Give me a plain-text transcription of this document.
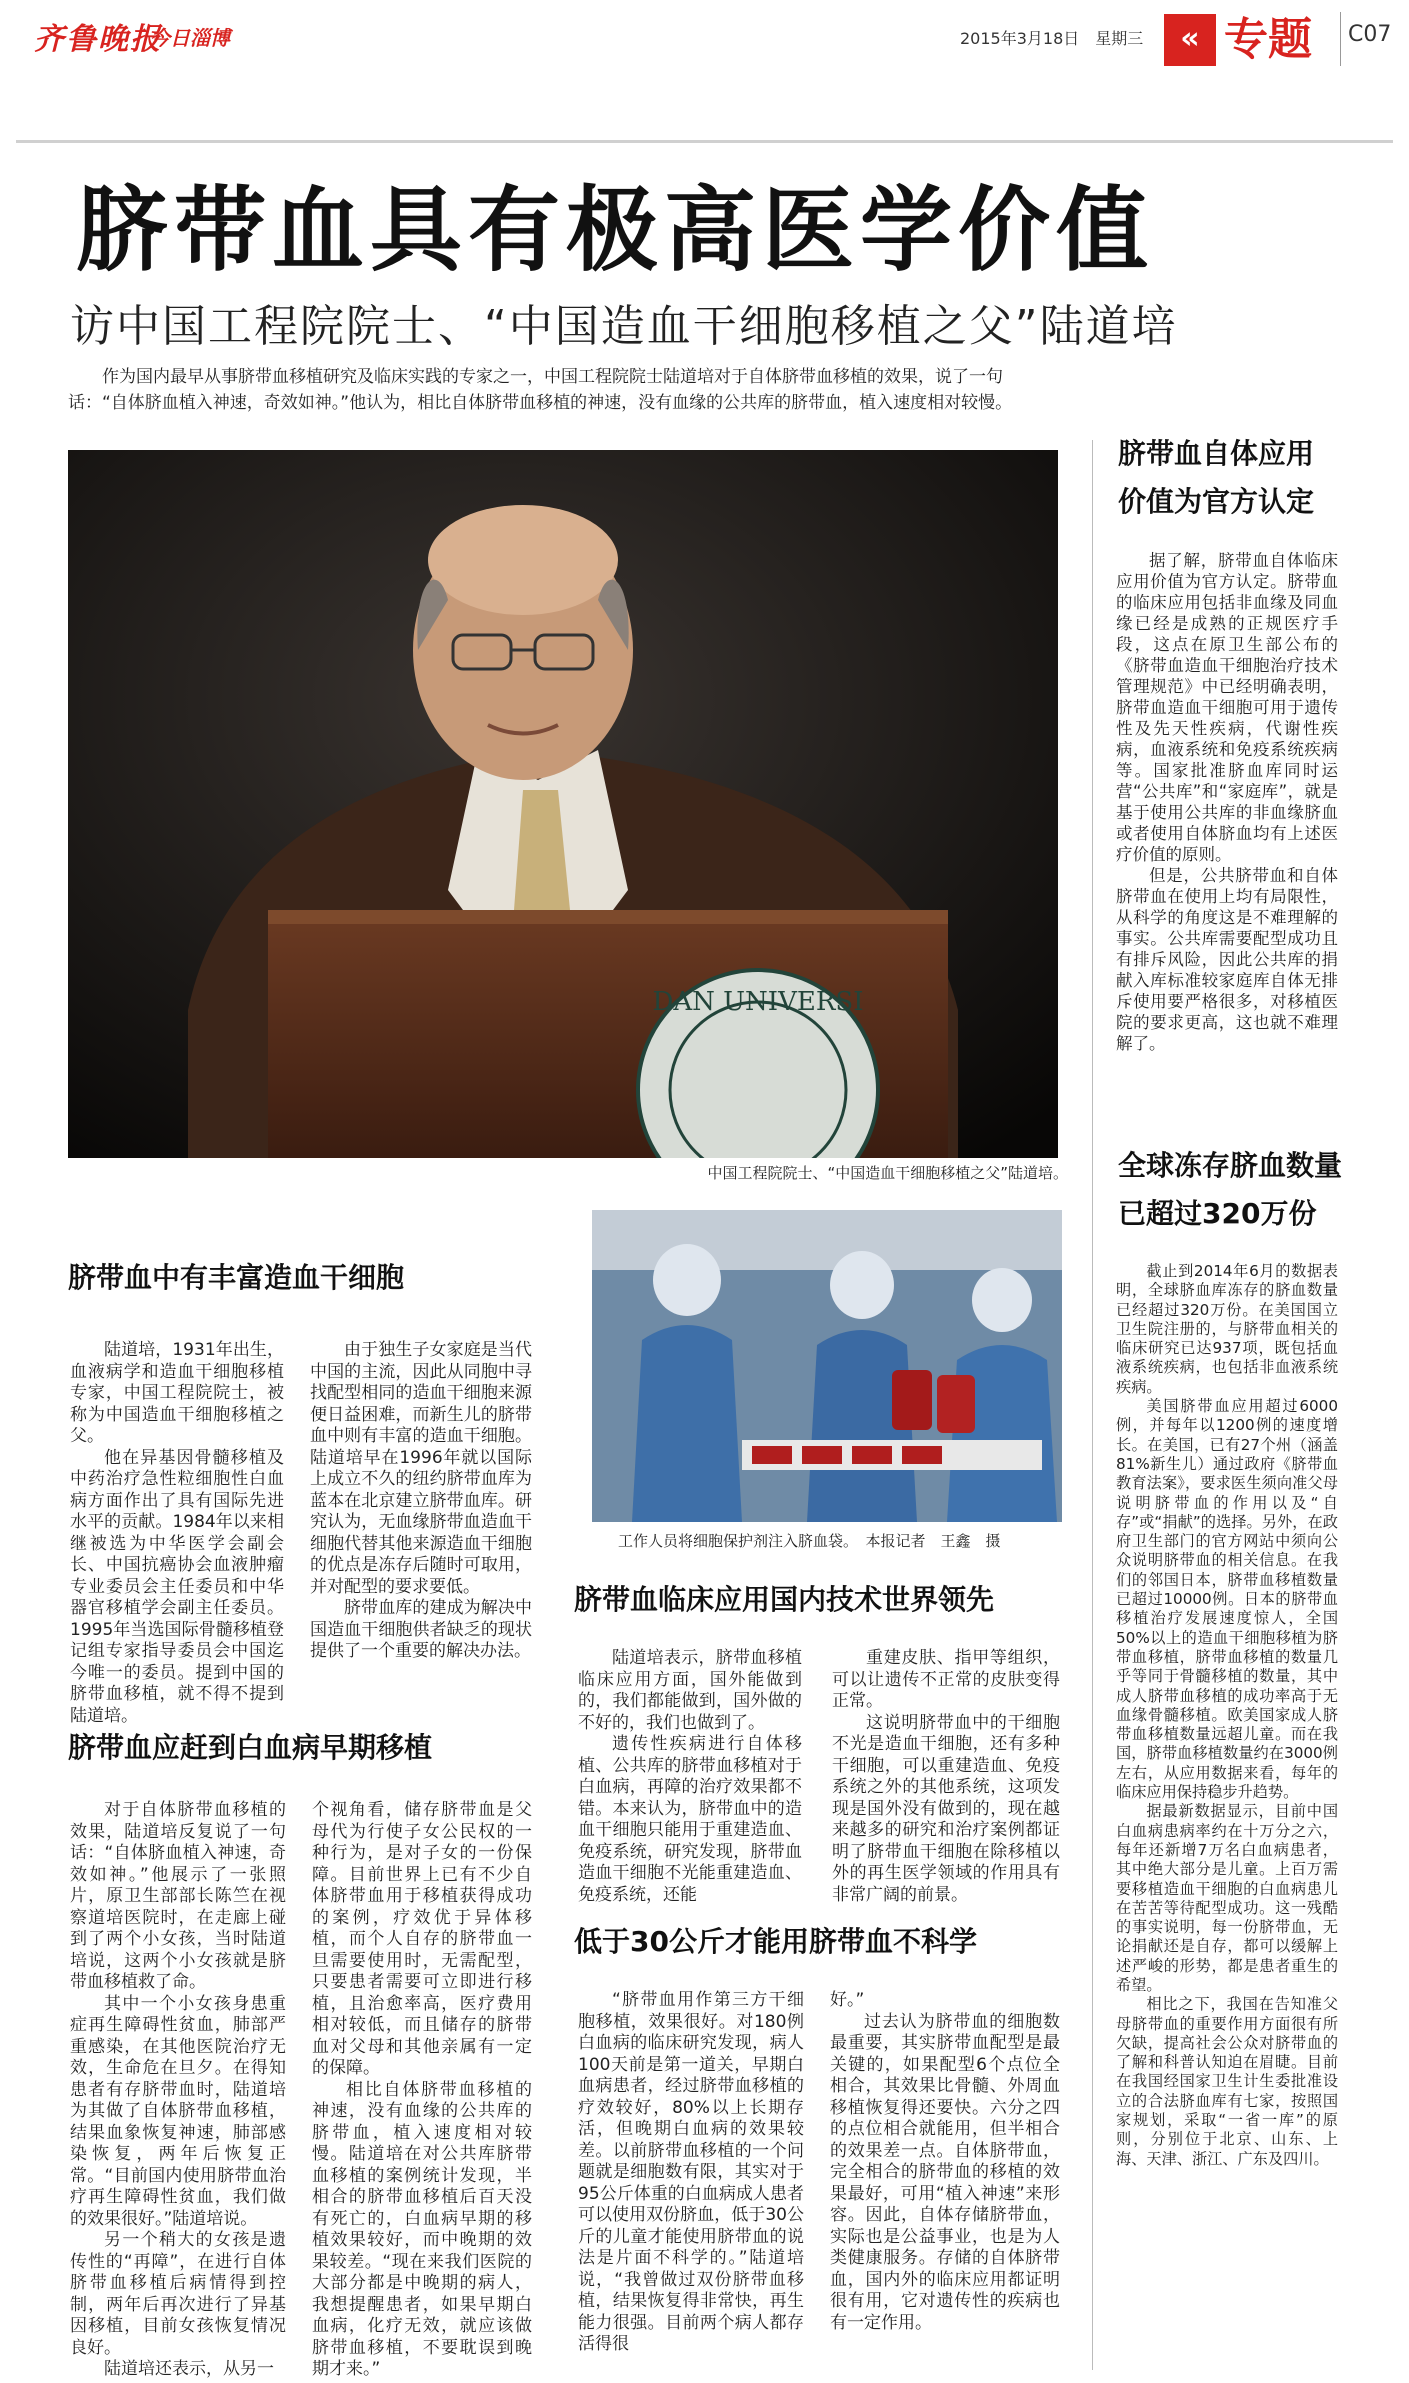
齐鲁晚报
今日淄博	2015年3月18日　星期三	« 专题 C07
脐带血具有极高医学价值
访中国工程院院士、“中国造血干细胞移植之父”陆道培
作为国内最早从事脐带血移植研究及临床实践的专家之一，中国工程院院士陆道培对于自体脐带血移植的效果，说了一句话：“自体脐血植入神速，奇效如神。”他认为，相比自体脐带血移植的神速，没有血缘的公共库的脐带血，植入速度相对较慢。
DAN UNIVERSI
中国工程院院士、“中国造血干细胞移植之父”陆道培。
脐带血中有丰富造血干细胞

陆道培，1931年出生，血液病学和造血干细胞移植专家，中国工程院院士，被称为中国造血干细胞移植之父。

他在异基因骨髓移植及中药治疗急性粒细胞性白血病方面作出了具有国际先进水平的贡献。1984年以来相继被选为中华医学会副会长、中国抗癌协会血液肿瘤专业委员会主任委员和中华器官移植学会副主任委员。1995年当选国际骨髓移植登记组专家指导委员会中国迄今唯一的委员。提到中国的脐带血移植，就不得不提到陆道培。

由于独生子女家庭是当代中国的主流，因此从同胞中寻找配型相同的造血干细胞来源便日益困难，而新生儿的脐带血中则有丰富的造血干细胞。陆道培早在1996年就以国际上成立不久的纽约脐带血库为蓝本在北京建立脐带血库。研究认为，无血缘脐带血造血干细胞代替其他来源造血干细胞的优点是冻存后随时可取用，并对配型的要求要低。

脐带血库的建成为解决中国造血干细胞供者缺乏的现状提供了一个重要的解决办法。

工作人员将细胞保护剂注入脐血袋。　本报记者　王鑫　摄
脐带血临床应用国内技术世界领先

陆道培表示，脐带血移植临床应用方面，国外能做到的，我们都能做到，国外做的不好的，我们也做到了。

遗传性疾病进行自体移植、公共库的脐带血移植对于白血病，再障的治疗效果都不错。本来认为，脐带血中的造血干细胞只能用于重建造血、免疫系统，研究发现，脐带血造血干细胞不光能重建造血、免疫系统，还能

重建皮肤、指甲等组织，可以让遗传不正常的皮肤变得正常。

这说明脐带血中的干细胞不光是造血干细胞，还有多种干细胞，可以重建造血、免疫系统之外的其他系统，这项发现是国外没有做到的，现在越来越多的研究和治疗案例都证明了脐带血干细胞在除移植以外的再生医学领域的作用具有非常广阔的前景。

脐带血应赶到白血病早期移植

对于自体脐带血移植的效果，陆道培反复说了一句话：“自体脐血植入神速，奇效如神。”他展示了一张照片，原卫生部部长陈竺在视察道培医院时，在走廊上碰到了两个小女孩，当时陆道培说，这两个小女孩就是脐带血移植救了命。

其中一个小女孩身患重症再生障碍性贫血，肺部严重感染，在其他医院治疗无效，生命危在旦夕。在得知患者有存脐带血时，陆道培为其做了自体脐带血移植，结果血象恢复神速，肺部感染恢复，两年后恢复正常。“目前国内使用脐带血治疗再生障碍性贫血，我们做的效果很好。”陆道培说。

另一个稍大的女孩是遗传性的“再障”，在进行自体脐带血移植后病情得到控制，两年后再次进行了异基因移植，目前女孩恢复情况良好。

陆道培还表示，从另一

个视角看，储存脐带血是父母代为行使子女公民权的一种行为，是对子女的一份保障。目前世界上已有不少自体脐带血用于移植获得成功的案例，疗效优于异体移植，而个人自存的脐带血一旦需要使用时，无需配型，只要患者需要可立即进行移植，且治愈率高，医疗费用相对较低，而且储存的脐带血对父母和其他亲属有一定的保障。

相比自体脐带血移植的神速，没有血缘的公共库的脐带血，植入速度相对较慢。陆道培在对公共库脐带血移植的案例统计发现，半相合的脐带血移植后百天没有死亡的，白血病早期的移植效果较好，而中晚期的效果较差。“现在来我们医院的大部分都是中晚期的病人，我想提醒患者，如果早期白血病，化疗无效，就应该做脐带血移植，不要耽误到晚期才来。”

低于30公斤才能用脐带血不科学

“脐带血用作第三方干细胞移植，效果很好。对180例白血病的临床研究发现，病人100天前是第一道关，早期白血病患者，经过脐带血移植的疗效较好，80%以上长期存活，但晚期白血病的效果较差。以前脐带血移植的一个问题就是细胞数有限，其实对于95公斤体重的白血病成人患者可以使用双份脐血，低于30公斤的儿童才能使用脐带血的说法是片面不科学的。”陆道培说，“我曾做过双份脐带血移植，结果恢复得非常快，再生能力很强。目前两个病人都存活得很

好。”

过去认为脐带血的细胞数最重要，其实脐带血配型是最关键的，如果配型6个点位全相合，其效果比骨髓、外周血移植恢复得还要快。六分之四的点位相合就能用，但半相合的效果差一点。自体脐带血，完全相合的脐带血的移植的效果最好，可用“植入神速”来形容。因此，自体存储脐带血，实际也是公益事业，也是为人类健康服务。存储的自体脐带血，国内外的临床应用都证明很有用，它对遗传性的疾病也有一定作用。

脐带血自体应用
价值为官方认定

据了解，脐带血自体临床应用价值为官方认定。脐带血的临床应用包括非血缘及同血缘已经是成熟的正规医疗手段，这点在原卫生部公布的《脐带血造血干细胞治疗技术管理规范》中已经明确表明，脐带血造血干细胞可用于遗传性及先天性疾病，代谢性疾病，血液系统和免疫系统疾病等。国家批准脐血库同时运营“公共库”和“家庭库”，就是基于使用公共库的非血缘脐血或者使用自体脐血均有上述医疗价值的原则。

但是，公共脐带血和自体脐带血在使用上均有局限性，从科学的角度这是不难理解的事实。公共库需要配型成功且有排斥风险，因此公共库的捐献入库标准较家庭库自体无排斥使用要严格很多，对移植医院的要求更高，这也就不难理解了。

全球冻存脐血数量
已超过320万份

截止到2014年6月的数据表明，全球脐血库冻存的脐血数量已经超过320万份。在美国国立卫生院注册的，与脐带血相关的临床研究已达937项，既包括血液系统疾病，也包括非血液系统疾病。

美国脐带血应用超过6000例，并每年以1200例的速度增长。在美国，已有27个州（涵盖81%新生儿）通过政府《脐带血教育法案》，要求医生须向准父母说明脐带血的作用以及“自存”或“捐献”的选择。另外，在政府卫生部门的官方网站中须向公众说明脐带血的相关信息。在我们的邻国日本，脐带血移植数量已超过10000例。日本的脐带血移植治疗发展速度惊人，全国50%以上的造血干细胞移植为脐带血移植，脐带血移植的数量几乎等同于骨髓移植的数量，其中成人脐带血移植的成功率高于无血缘骨髓移植。欧美国家成人脐带血移植数量远超儿童。而在我国，脐带血移植数量约在3000例左右，从应用数据来看，每年的临床应用保持稳步升趋势。

据最新数据显示，目前中国白血病患病率约在十万分之六，每年还新增7万名白血病患者，其中绝大部分是儿童。上百万需要移植造血干细胞的白血病患儿在苦苦等待配型成功。这一残酷的事实说明，每一份脐带血，无论捐献还是自存，都可以缓解上述严峻的形势，都是患者重生的希望。

相比之下，我国在告知准父母脐带血的重要作用方面很有所欠缺，提高社会公众对脐带血的了解和科普认知迫在眉睫。目前在我国经国家卫生计生委批准设立的合法脐血库有七家，按照国家规划，采取“一省一库”的原则，分别位于北京、山东、上海、天津、浙江、广东及四川。
